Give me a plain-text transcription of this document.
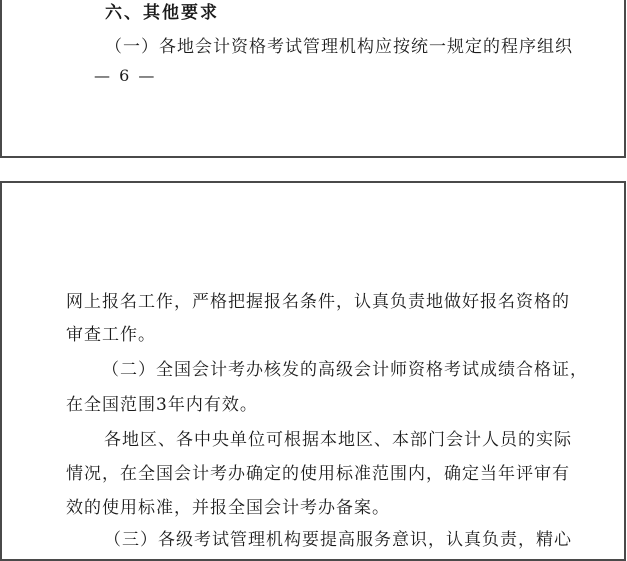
六、其他要求
（一）各地会计资格考试管理机构应按统一规定的程序组织
— 6 —
网上报名工作，严格把握报名条件，认真负责地做好报名资格的
审查工作。
（二）全国会计考办核发的高级会计师资格考试成绩合格证，
在全国范围3年内有效。
各地区、各中央单位可根据本地区、本部门会计人员的实际
情况，在全国会计考办确定的使用标准范围内，确定当年评审有
效的使用标准，并报全国会计考办备案。
（三）各级考试管理机构要提高服务意识，认真负责，精心
